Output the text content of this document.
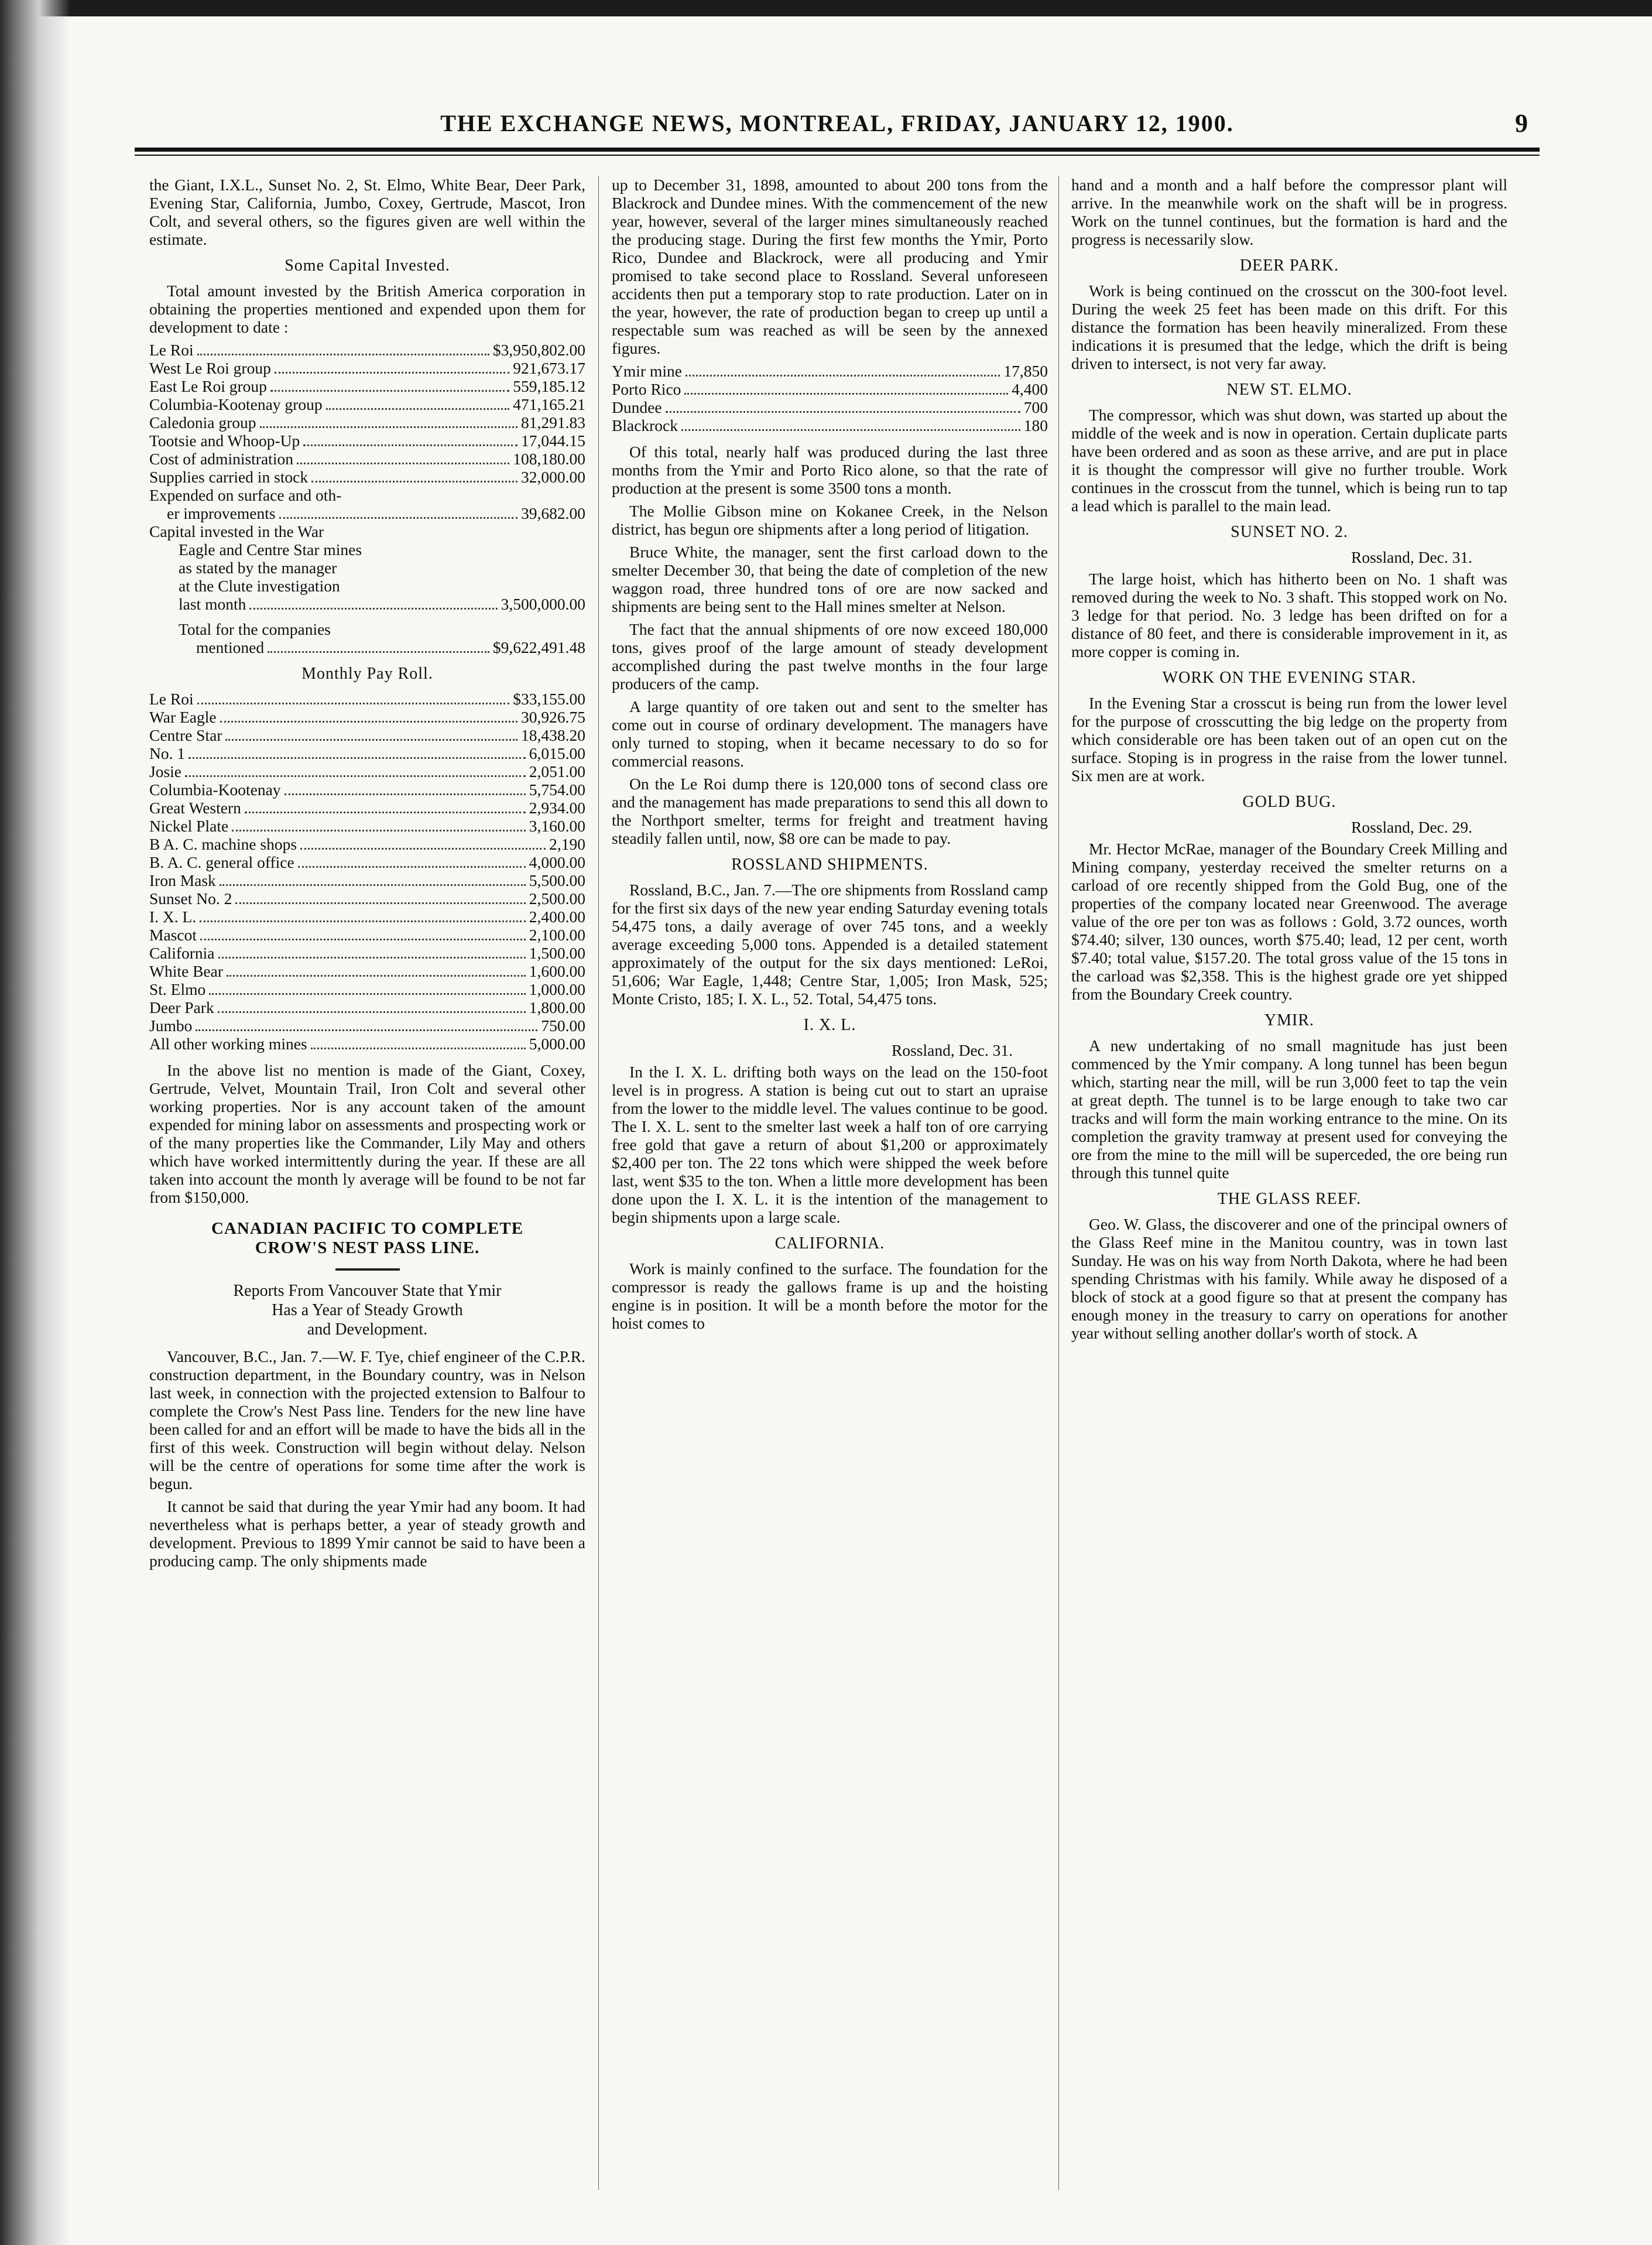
THE EXCHANGE NEWS, MONTREAL, FRIDAY, JANUARY 12, 1900.	9

the Giant, I.X.L., Sunset No. 2, St. Elmo, White Bear, Deer Park, Evening Star, California, Jumbo, Coxey, Gertrude, Mascot, Iron Colt, and several others, so the figures given are well within the estimate.

Some Capital Invested.

Total amount invested by the British America corporation in obtaining the properties mentioned and expended upon them for development to date :

Le Roi	$3,950,802.00
West Le Roi group	921,673.17
East Le Roi group	559,185.12
Columbia-Kootenay group	471,165.21
Caledonia group	81,291.83
Tootsie and Whoop-Up	17,044.15
Cost of administration	108,180.00
Supplies carried in stock	32,000.00
Expended on surface and oth-
er improvements	39,682.00
Capital invested in the War
Eagle and Centre Star mines
as stated by the manager
at the Clute investigation
last month	3,500,000.00
Total for the companies
mentioned	$9,622,491.48
Monthly Pay Roll.
Le Roi	$33,155.00
War Eagle	30,926.75
Centre Star	18,438.20
No. 1	6,015.00
Josie	2,051.00
Columbia-Kootenay	5,754.00
Great Western	2,934.00
Nickel Plate	3,160.00
B A. C. machine shops	2,190
B. A. C. general office	4,000.00
Iron Mask	5,500.00
Sunset No. 2	2,500.00
I. X. L.	2,400.00
Mascot	2,100.00
California	1,500.00
White Bear	1,600.00
St. Elmo	1,000.00
Deer Park	1,800.00
Jumbo	750.00
All other working mines	5,000.00

In the above list no mention is made of the Giant, Coxey, Gertrude, Velvet, Mountain Trail, Iron Colt and several other working properties. Nor is any account taken of the amount expended for mining labor on assessments and prospecting work or of the many properties like the Commander, Lily May and others which have worked intermittently during the year. If these are all taken into account the month ly average will be found to be not far from $150,000.

CANADIAN PACIFIC TO COMPLETE
CROW'S NEST PASS LINE.
Reports From Vancouver State that Ymir
Has a Year of Steady Growth
and Development.

Vancouver, B.C., Jan. 7.—W. F. Tye, chief engineer of the C.P.R. construction department, in the Boundary country, was in Nelson last week, in connection with the projected extension to Balfour to complete the Crow's Nest Pass line. Tenders for the new line have been called for and an effort will be made to have the bids all in the first of this week. Construction will begin without delay. Nelson will be the centre of operations for some time after the work is begun.

It cannot be said that during the year Ymir had any boom. It had nevertheless what is perhaps better, a year of steady growth and development. Previous to 1899 Ymir cannot be said to have been a producing camp. The only shipments made

up to December 31, 1898, amounted to about 200 tons from the Blackrock and Dundee mines. With the commencement of the new year, however, several of the larger mines simultaneously reached the producing stage. During the first few months the Ymir, Porto Rico, Dundee and Blackrock, were all producing and Ymir promised to take second place to Rossland. Several unforeseen accidents then put a temporary stop to rate production. Later on in the year, however, the rate of production began to creep up until a respectable sum was reached as will be seen by the annexed figures.

Ymir mine	17,850
Porto Rico	4,400
Dundee	700
Blackrock	180

Of this total, nearly half was produced during the last three months from the Ymir and Porto Rico alone, so that the rate of production at the present is some 3500 tons a month.

The Mollie Gibson mine on Kokanee Creek, in the Nelson district, has begun ore shipments after a long period of litigation.

Bruce White, the manager, sent the first carload down to the smelter December 30, that being the date of completion of the new waggon road, three hundred tons of ore are now sacked and shipments are being sent to the Hall mines smelter at Nelson.

The fact that the annual shipments of ore now exceed 180,000 tons, gives proof of the large amount of steady development accomplished during the past twelve months in the four large producers of the camp.

A large quantity of ore taken out and sent to the smelter has come out in course of ordinary development. The managers have only turned to stoping, when it became necessary to do so for commercial reasons.

On the Le Roi dump there is 120,000 tons of second class ore and the management has made preparations to send this all down to the Northport smelter, terms for freight and treatment having steadily fallen until, now, $8 ore can be made to pay.

ROSSLAND SHIPMENTS.

Rossland, B.C., Jan. 7.—The ore shipments from Rossland camp for the first six days of the new year ending Saturday evening totals 54,475 tons, a daily average of over 745 tons, and a weekly average exceeding 5,000 tons. Appended is a detailed statement approximately of the output for the six days mentioned: LeRoi, 51,606; War Eagle, 1,448; Centre Star, 1,005; Iron Mask, 525; Monte Cristo, 185; I. X. L., 52. Total, 54,475 tons.

I. X. L.
Rossland, Dec. 31.

In the I. X. L. drifting both ways on the lead on the 150-foot level is in progress. A station is being cut out to start an upraise from the lower to the middle level. The values continue to be good. The I. X. L. sent to the smelter last week a half ton of ore carrying free gold that gave a return of about $1,200 or approximately $2,400 per ton. The 22 tons which were shipped the week before last, went $35 to the ton. When a little more development has been done upon the I. X. L. it is the intention of the management to begin shipments upon a large scale.

CALIFORNIA.

Work is mainly confined to the surface. The foundation for the compressor is ready the gallows frame is up and the hoisting engine is in position. It will be a month before the motor for the hoist comes to

hand and a month and a half before the compressor plant will arrive. In the meanwhile work on the shaft will be in progress. Work on the tunnel continues, but the formation is hard and the progress is necessarily slow.

DEER PARK.

Work is being continued on the crosscut on the 300-foot level. During the week 25 feet has been made on this drift. For this distance the formation has been heavily mineralized. From these indications it is presumed that the ledge, which the drift is being driven to intersect, is not very far away.

NEW ST. ELMO.

The compressor, which was shut down, was started up about the middle of the week and is now in operation. Certain duplicate parts have been ordered and as soon as these arrive, and are put in place it is thought the compressor will give no further trouble. Work continues in the crosscut from the tunnel, which is being run to tap a lead which is parallel to the main lead.

SUNSET NO. 2.
Rossland, Dec. 31.

The large hoist, which has hitherto been on No. 1 shaft was removed during the week to No. 3 shaft. This stopped work on No. 3 ledge for that period. No. 3 ledge has been drifted on for a distance of 80 feet, and there is considerable improvement in it, as more copper is coming in.

WORK ON THE EVENING STAR.

In the Evening Star a crosscut is being run from the lower level for the purpose of crosscutting the big ledge on the property from which considerable ore has been taken out of an open cut on the surface. Stoping is in progress in the raise from the lower tunnel. Six men are at work.

GOLD BUG.
Rossland, Dec. 29.

Mr. Hector McRae, manager of the Boundary Creek Milling and Mining company, yesterday received the smelter returns on a carload of ore recently shipped from the Gold Bug, one of the properties of the company located near Greenwood. The average value of the ore per ton was as follows : Gold, 3.72 ounces, worth $74.40; silver, 130 ounces, worth $75.40; lead, 12 per cent, worth $7.40; total value, $157.20. The total gross value of the 15 tons in the carload was $2,358. This is the highest grade ore yet shipped from the Boundary Creek country.

YMIR.

A new undertaking of no small magnitude has just been commenced by the Ymir company. A long tunnel has been begun which, starting near the mill, will be run 3,000 feet to tap the vein at great depth. The tunnel is to be large enough to take two car tracks and will form the main working entrance to the mine. On its completion the gravity tramway at present used for conveying the ore from the mine to the mill will be superceded, the ore being run through this tunnel quite

THE GLASS REEF.

Geo. W. Glass, the discoverer and one of the principal owners of the Glass Reef mine in the Manitou country, was in town last Sunday. He was on his way from North Dakota, where he had been spending Christmas with his family. While away he disposed of a block of stock at a good figure so that at present the company has enough money in the treasury to carry on operations for another year without selling another dollar's worth of stock. A
